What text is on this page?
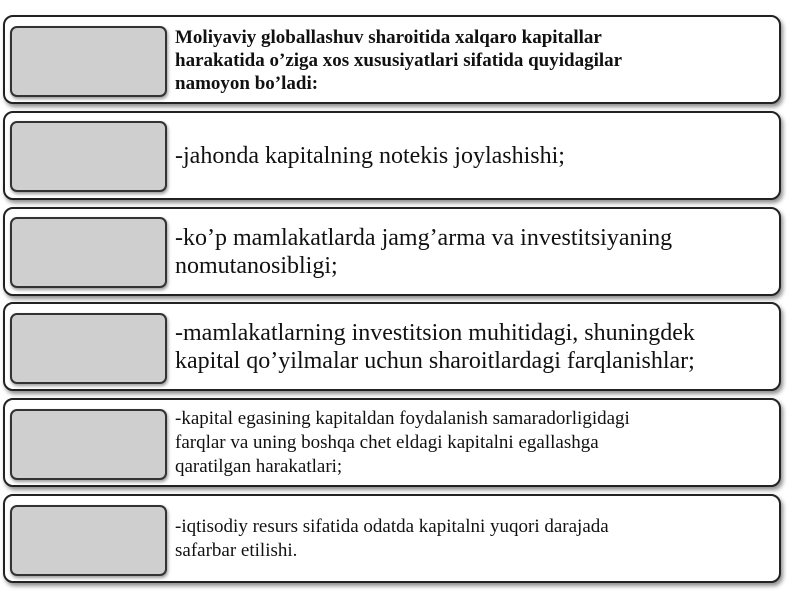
Moliyaviy globallashuv sharoitida xalqaro kapitallar
harakatida o’ziga xos xususiyatlari sifatida quyidagilar
namoyon bo’ladi:
-jahonda kapitalning notekis joylashishi;
-ko’p mamlakatlarda jamg’arma va investitsiyaning
nomutanosibligi;
-mamlakatlarning investitsion muhitidagi, shuningdek
kapital qo’yilmalar uchun sharoitlardagi farqlanishlar;
-kapital egasining kapitaldan foydalanish samaradorligidagi
farqlar va uning boshqa chet eldagi kapitalni egallashga
qaratilgan harakatlari;
-iqtisodiy resurs sifatida odatda kapitalni yuqori darajada
safarbar etilishi.
